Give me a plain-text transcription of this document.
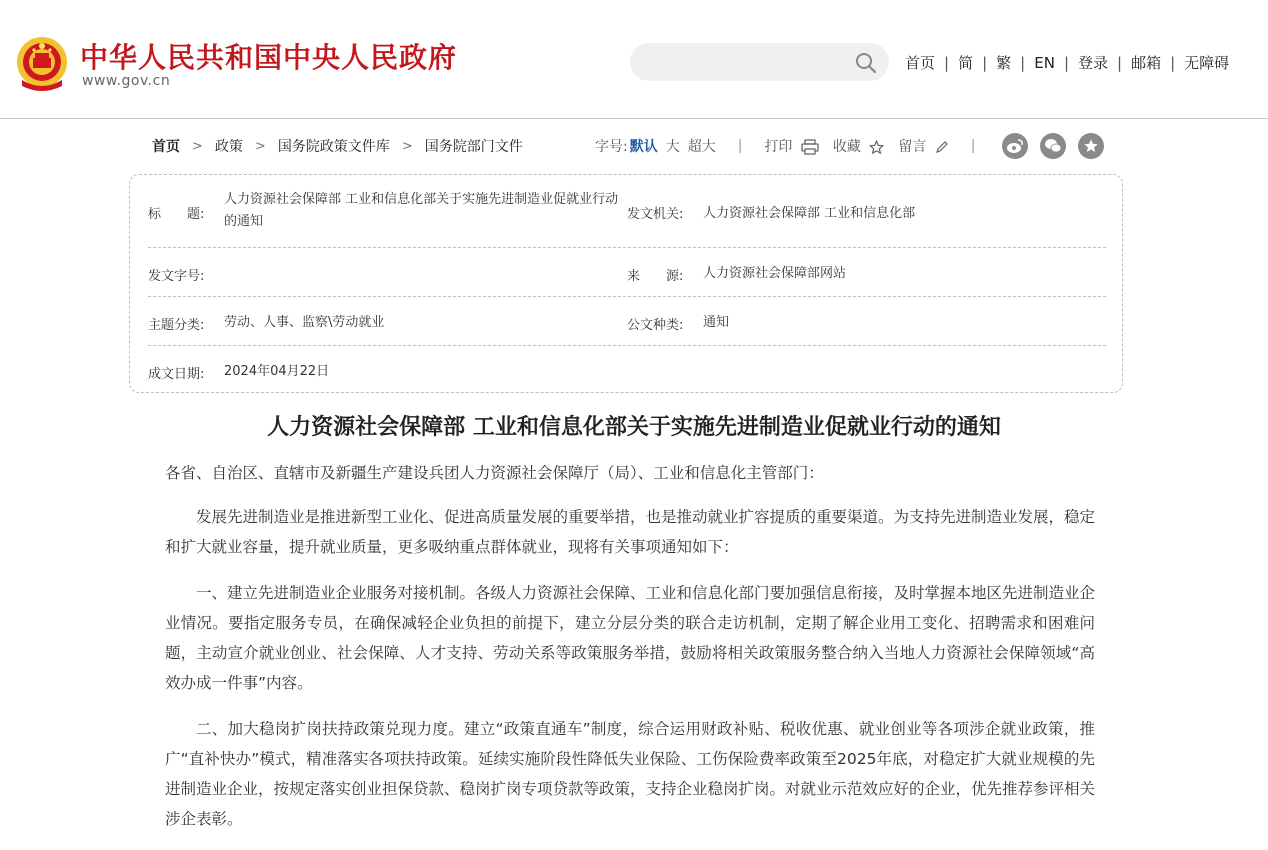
中华人民共和国中央人民政府
www.gov.cn
首页 | 简 | 繁 | EN | 登录 | 邮箱 | 无障碍
首页 > 政策 > 国务院政策文件库 > 国务院部门文件	字号: 默认 大 超大 | 打印	收藏	留言	|
标　　题:
人力资源社会保障部 工业和信息化部关于实施先进制造业促就业行动的通知	发文机关: 人力资源社会保障部 工业和信息化部
发文字号:	来　　源: 人力资源社会保障部网站
主题分类: 劳动、人事、监察\劳动就业	公文种类: 通知
成文日期: 2024年04月22日
人力资源社会保障部 工业和信息化部关于实施先进制造业促就业行动的通知

各省、自治区、直辖市及新疆生产建设兵团人力资源社会保障厅（局）、工业和信息化主管部门：

发展先进制造业是推进新型工业化、促进高质量发展的重要举措，也是推动就业扩容提质的重要渠道。为支持先进制造业发展，稳定和扩大就业容量，提升就业质量，更多吸纳重点群体就业，现将有关事项通知如下：

一、建立先进制造业企业服务对接机制。各级人力资源社会保障、工业和信息化部门要加强信息衔接，及时掌握本地区先进制造业企业情况。要指定服务专员，在确保减轻企业负担的前提下，建立分层分类的联合走访机制，定期了解企业用工变化、招聘需求和困难问题，主动宣介就业创业、社会保障、人才支持、劳动关系等政策服务举措，鼓励将相关政策服务整合纳入当地人力资源社会保障领域“高效办成一件事”内容。

二、加大稳岗扩岗扶持政策兑现力度。建立“政策直通车”制度，综合运用财政补贴、税收优惠、就业创业等各项涉企就业政策，推广“直补快办”模式，精准落实各项扶持政策。延续实施阶段性降低失业保险、工伤保险费率政策至2025年底，对稳定扩大就业规模的先进制造业企业，按规定落实创业担保贷款、稳岗扩岗专项贷款等政策，支持企业稳岗扩岗。对就业示范效应好的企业，优先推荐参评相关涉企表彰。
